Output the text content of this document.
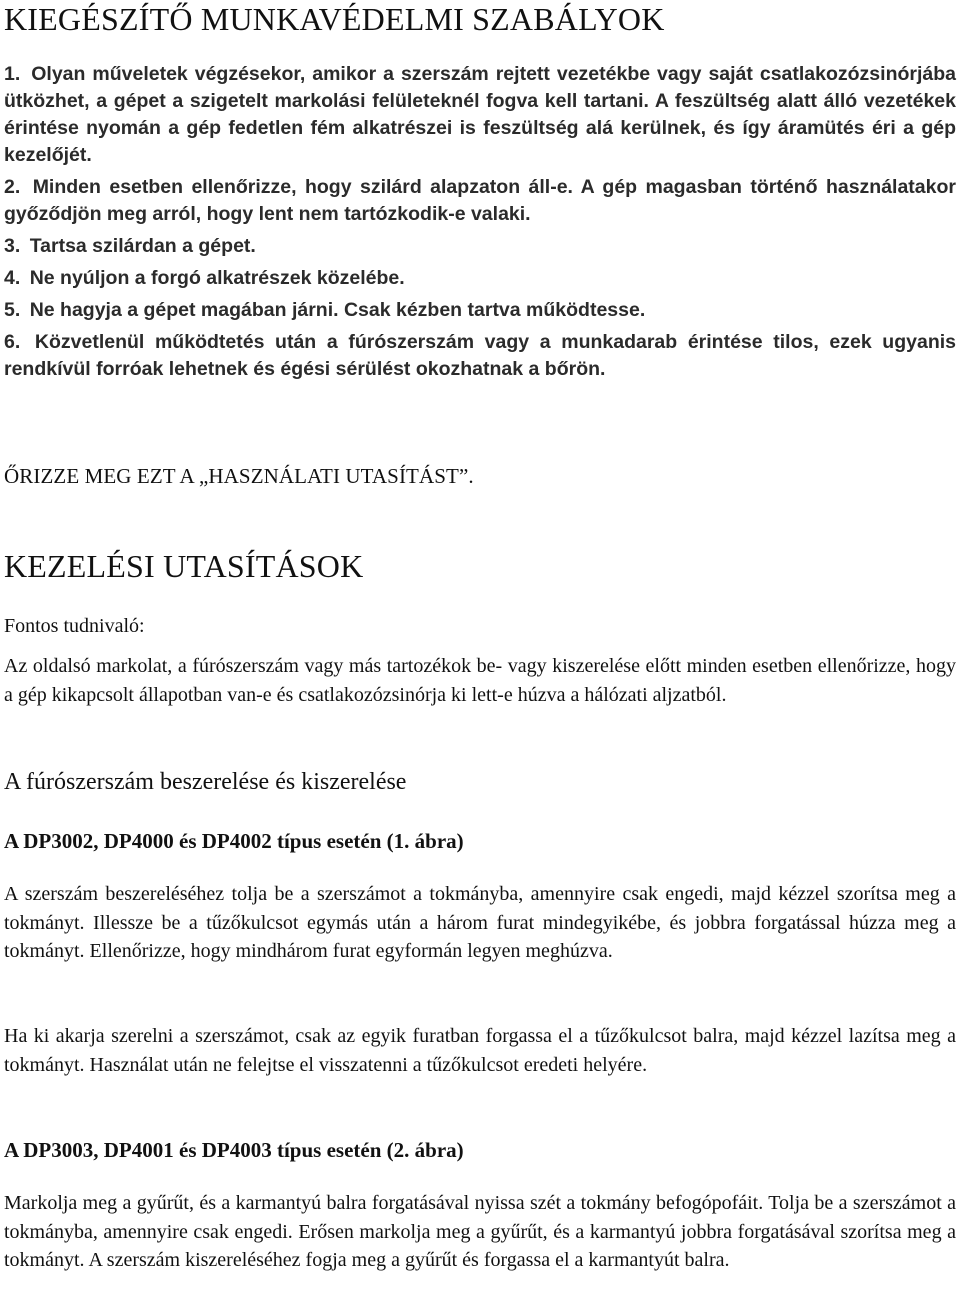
KIEGÉSZÍTŐ MUNKAVÉDELMI SZABÁLYOK

1. Olyan műveletek végzésekor, amikor a szerszám rejtett vezetékbe vagy saját csatlakozózsinórjába ütközhet, a gépet a szigetelt markolási felületeknél fogva kell tartani. A feszültség alatt álló vezetékek érintése nyomán a gép fedetlen fém alkatrészei is feszültség alá kerülnek, és így áramütés éri a gép kezelőjét.

2. Minden esetben ellenőrizze, hogy szilárd alapzaton áll-e. A gép magasban történő használatakor győződjön meg arról, hogy lent nem tartózkodik-e valaki.

3. Tartsa szilárdan a gépet.

4. Ne nyúljon a forgó alkatrészek közelébe.

5. Ne hagyja a gépet magában járni. Csak kézben tartva működtesse.

6. Közvetlenül működtetés után a fúrószerszám vagy a munkadarab érintése tilos, ezek ugyanis rendkívül forróak lehetnek és égési sérülést okozhatnak a bőrön.

ŐRIZZE MEG EZT A „HASZNÁLATI UTASÍTÁST”.

KEZELÉSI UTASÍTÁSOK

Fontos tudnivaló:

Az oldalsó markolat, a fúrószerszám vagy más tartozékok be- vagy kiszerelése előtt minden esetben ellenőrizze, hogy a gép kikapcsolt állapotban van-e és csatlakozózsinórja ki lett-e húzva a hálózati aljzatból.

A fúrószerszám beszerelése és kiszerelése
A DP3002, DP4000 és DP4002 típus esetén (1. ábra)

A szerszám beszereléséhez tolja be a szerszámot a tokmányba, amennyire csak engedi, majd kézzel szorítsa meg a tokmányt. Illessze be a tűzőkulcsot egymás után a három furat mindegyikébe, és jobbra forgatással húzza meg a tokmányt. Ellenőrizze, hogy mindhárom furat egyformán legyen meghúzva.

Ha ki akarja szerelni a szerszámot, csak az egyik furatban forgassa el a tűzőkulcsot balra, majd kézzel lazítsa meg a tokmányt. Használat után ne felejtse el visszatenni a tűzőkulcsot eredeti helyére.

A DP3003, DP4001 és DP4003 típus esetén (2. ábra)

Markolja meg a gyűrűt, és a karmantyú balra forgatásával nyissa szét a tokmány befogópofáit. Tolja be a szerszámot a tokmányba, amennyire csak engedi. Erősen markolja meg a gyűrűt, és a karmantyú jobbra forgatásával szorítsa meg a tokmányt. A szerszám kiszereléséhez fogja meg a gyűrűt és forgassa el a karmantyút balra.
